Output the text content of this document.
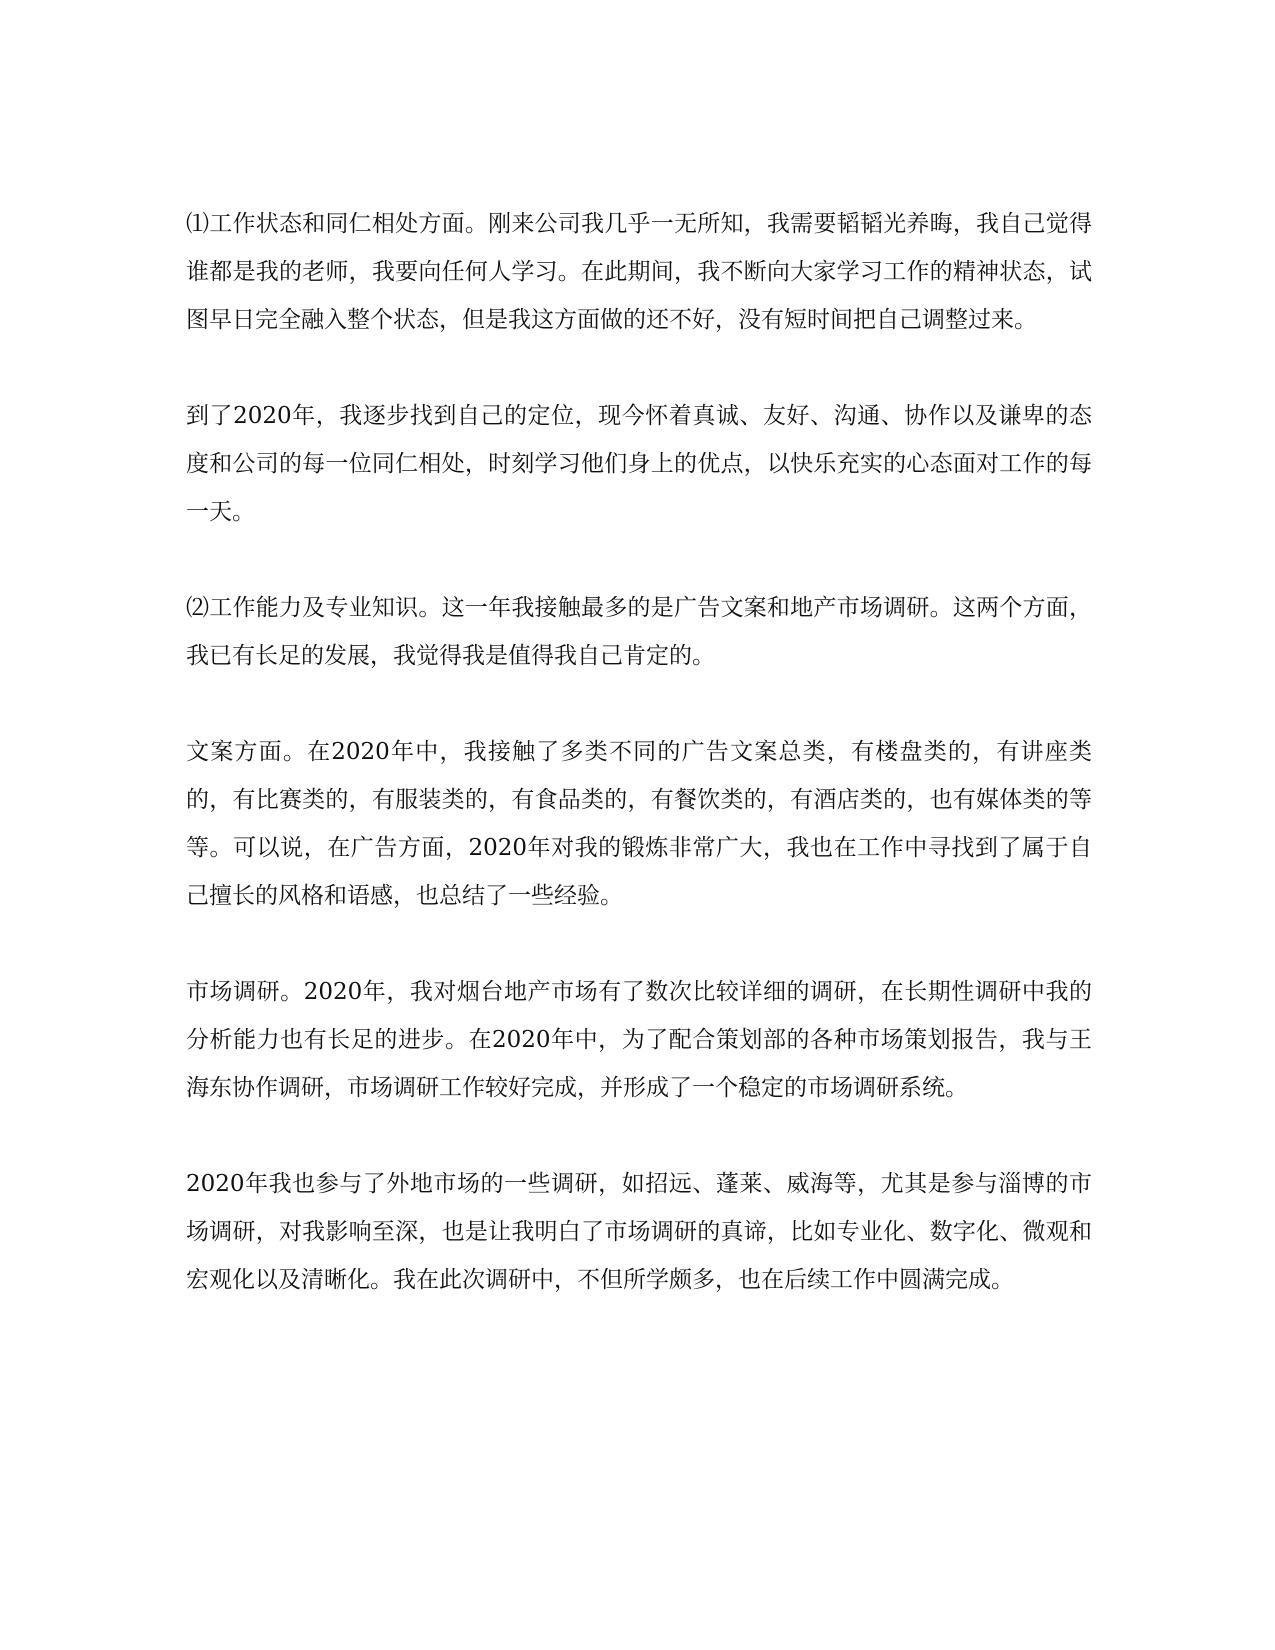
⑴工作状态和同仁相处方面。刚来公司我几乎一无所知，我需要韬韬光养晦，我自己觉得谁都是我的老师，我要向任何人学习。在此期间，我不断向大家学习工作的精神状态，试图早日完全融入整个状态，但是我这方面做的还不好，没有短时间把自己调整过来。

到了2020年，我逐步找到自己的定位，现今怀着真诚、友好、沟通、协作以及谦卑的态度和公司的每一位同仁相处，时刻学习他们身上的优点，以快乐充实的心态面对工作的每一天。

⑵工作能力及专业知识。这一年我接触最多的是广告文案和地产市场调研。这两个方面，我已有长足的发展，我觉得我是值得我自己肯定的。

文案方面。在2020年中，我接触了多类不同的广告文案总类，有楼盘类的，有讲座类的，有比赛类的，有服装类的，有食品类的，有餐饮类的，有酒店类的，也有媒体类的等等。可以说，在广告方面，2020年对我的锻炼非常广大，我也在工作中寻找到了属于自己擅长的风格和语感，也总结了一些经验。

市场调研。2020年，我对烟台地产市场有了数次比较详细的调研，在长期性调研中我的分析能力也有长足的进步。在2020年中，为了配合策划部的各种市场策划报告，我与王海东协作调研，市场调研工作较好完成，并形成了一个稳定的市场调研系统。

2020年我也参与了外地市场的一些调研，如招远、蓬莱、威海等，尤其是参与淄博的市场调研，对我影响至深，也是让我明白了市场调研的真谛，比如专业化、数字化、微观和宏观化以及清晰化。我在此次调研中，不但所学颇多，也在后续工作中圆满完成。
